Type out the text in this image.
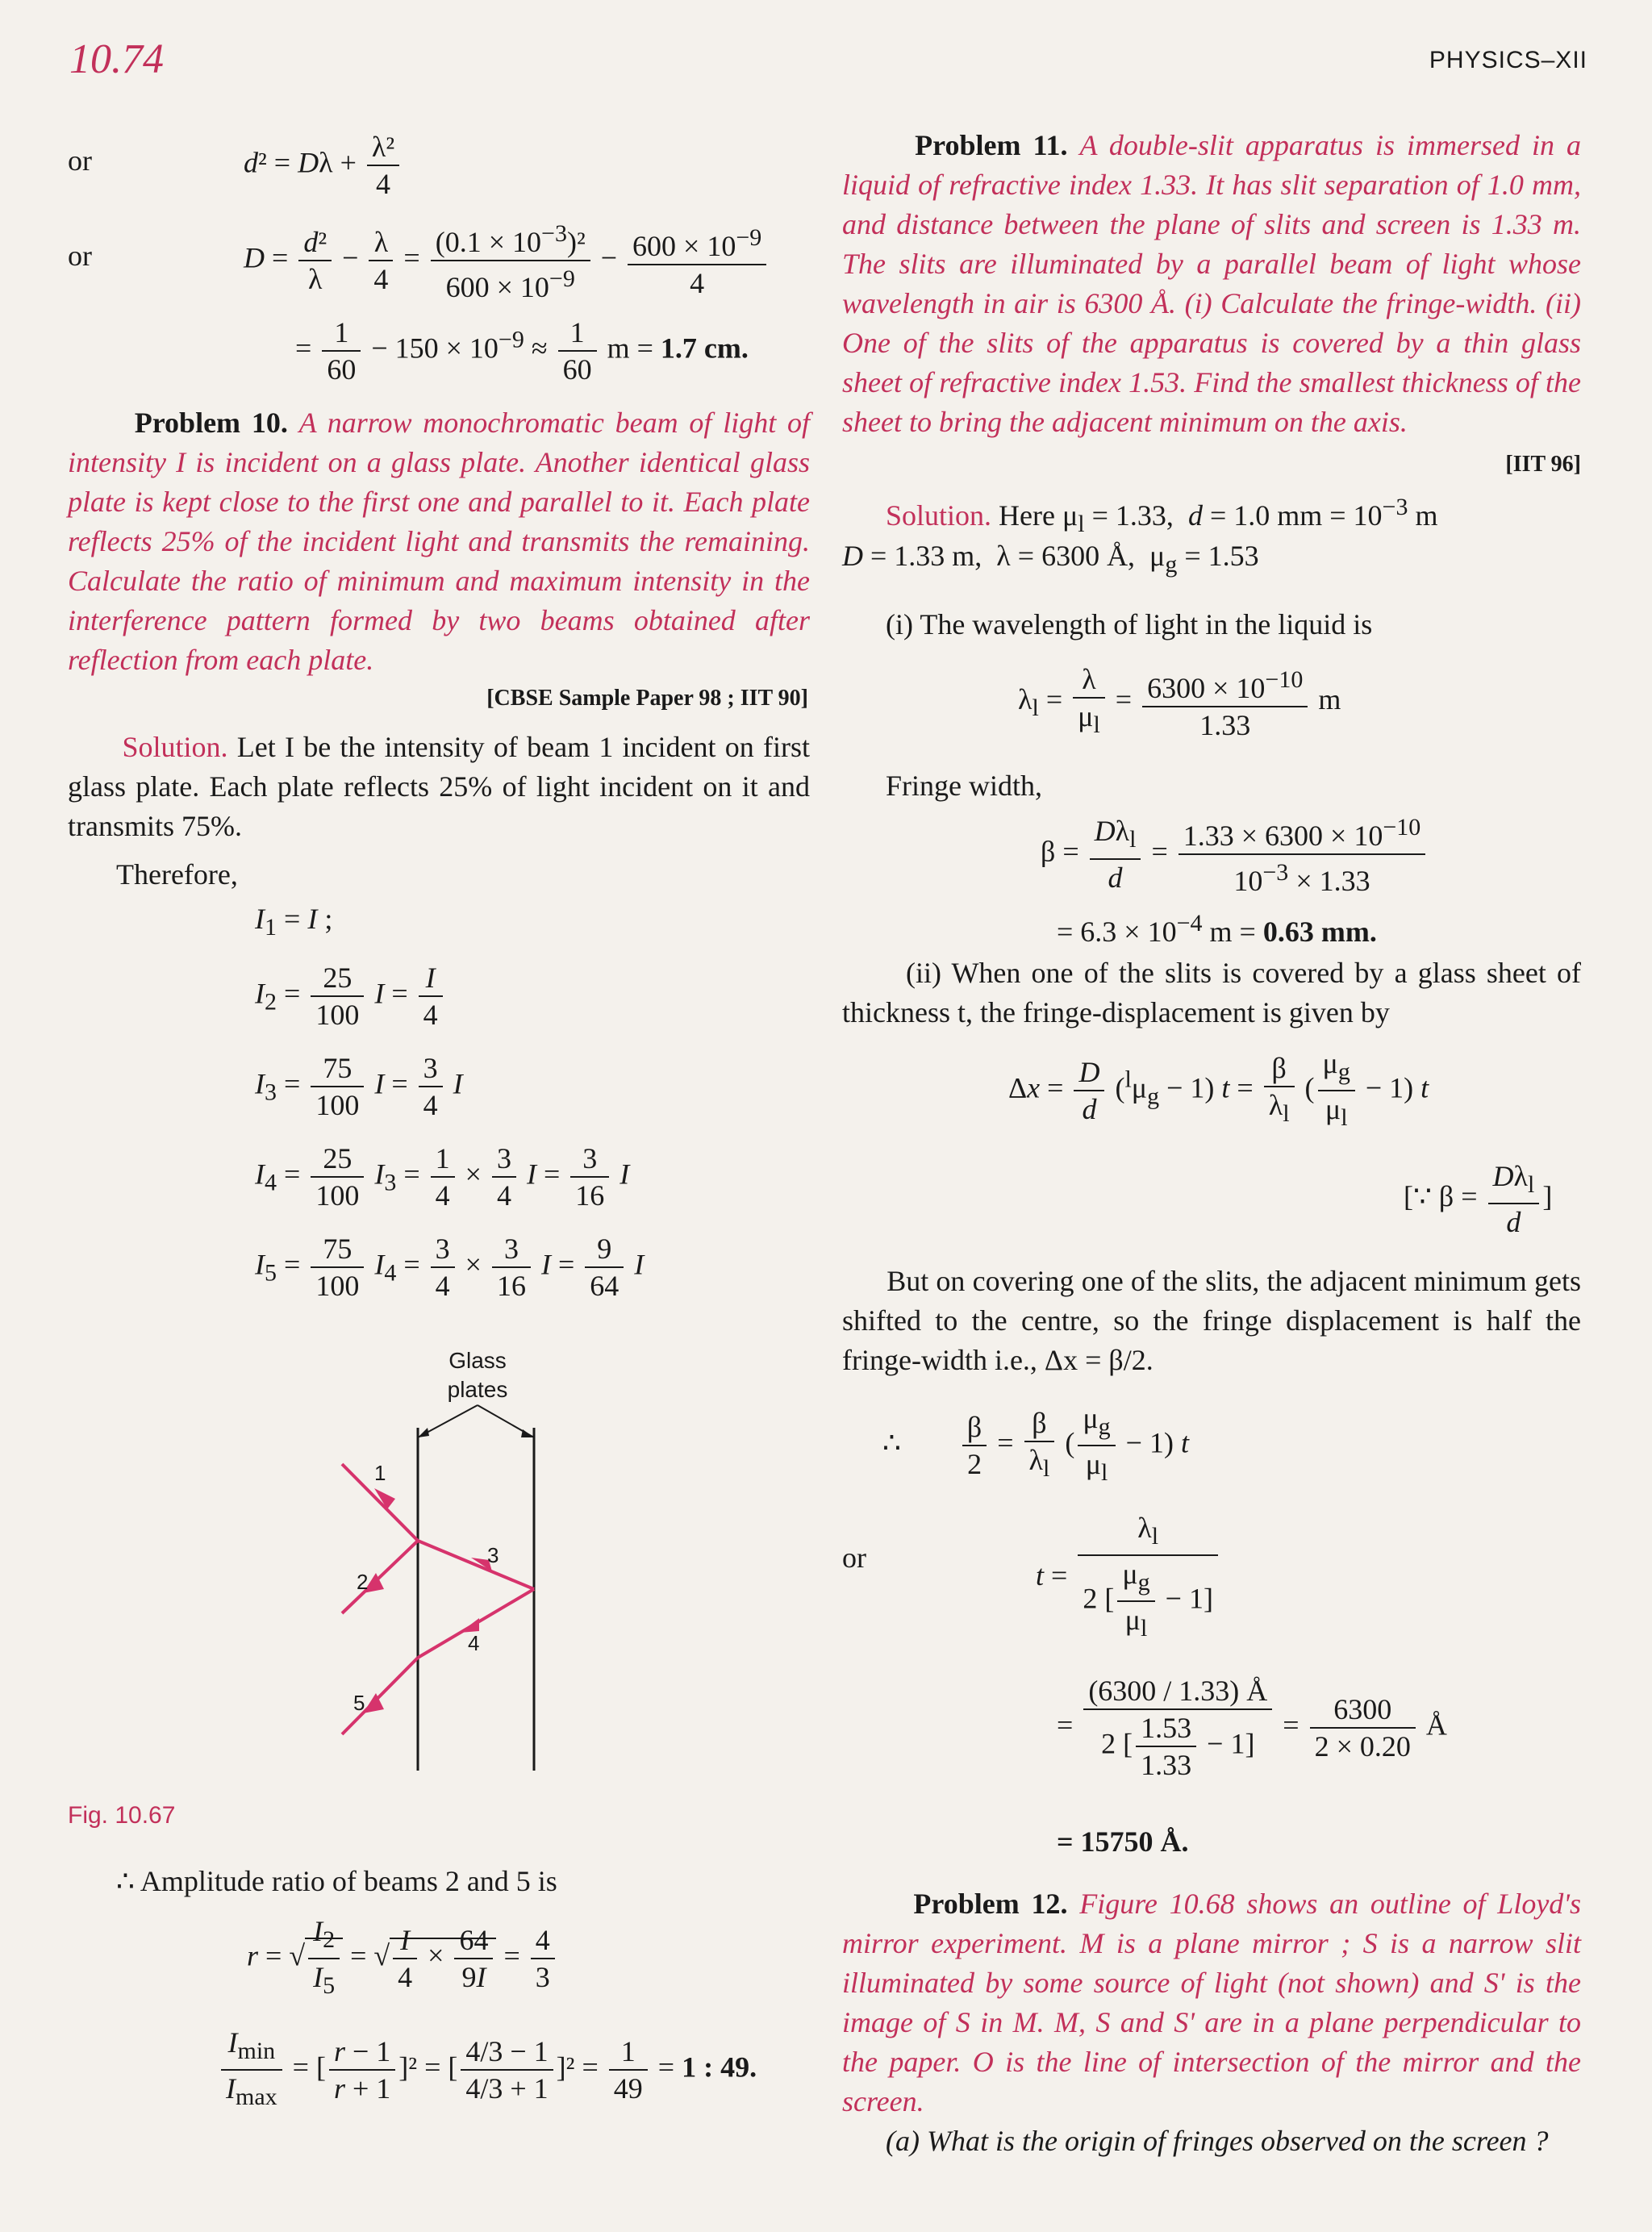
10.74	PHYSICS–XII
or	$d^2 = D\lambda + \frac{\text{λ²}}{4}$
or	$D = \frac{\text{d²}}{\lambda} - \frac{\lambda}{4} = \frac{(0.1 \times 10^{-3})^2}{600 \times 10^{-9}} - \frac{600 \times 10^{-9}}{4}$
= $\frac{1}{60} - 150 \times 10^{-9} \approx \frac{1}{60}$ m = 1.7 cm.
Problem 10. A narrow monochromatic beam of light of intensity I is incident on a glass plate. Another identical glass plate is kept close to the first one and parallel to it. Each plate reflects 25% of the incident light and transmits the remaining. Calculate the ratio of minimum and maximum intensity in the interference pattern formed by two beams obtained after reflection from each plate.
[CBSE Sample Paper 98 ; IIT 90]
Solution. Let I be the intensity of beam 1 incident on first glass plate. Each plate reflects 25% of light incident on it and transmits 75%.
Therefore,
$I_1 = I$ ;
$I_2 = \frac{25}{100}$ $I = \frac{I}{4}$
$I_3 = \frac{75}{100}$ $I = \frac{3}{4}$ I
$I_4 = \frac{25}{100} I_3 = \frac{1}{4} \times \frac{3}{4}$ $I = \frac{3}{16}$ I
$I_5 = \frac{75}{100} I_4 = \frac{3}{4} \times \frac{3}{16}$ $I = \frac{9}{64}$ I
Glass
plates
1
2
3
4
5
Fig. 10.67
∴ Amplitude ratio of beams 2 and 5 is
r = √ $\frac{I_2}{I_5}$ = √ $\frac{I}{4} \times \frac{64}{9I} = \frac{4}{3}$
$\frac{I_{min}}{I_{max}}$ = [ $\frac{r - 1}{r + 1} ]^2$ = [ $\frac{4/3 - 1}{4/3 + 1} ]^2 = \frac{1}{49} = 1$ : 49.
Problem 11. A double-slit apparatus is immersed in a liquid of refractive index 1.33. It has slit separation of 1.0 mm, and distance between the plane of slits and screen is 1.33 m. The slits are illuminated by a parallel beam of light whose wavelength in air is 6300 Å. (i) Calculate the fringe-width. (ii) One of the slits of the apparatus is covered by a thin glass sheet of refractive index 1.53. Find the smallest thickness of the sheet to bring the adjacent minimum on the axis.
[IIT 96]
Solution. Here $\mu_l = 1.33$,  d = 1.0 mm = $10^{-3}$ m
D = 1.33 m,  λ = 6300 Å,  $\mu_g = 1.53$
(i) The wavelength of light in the liquid is
$\lambda_l = \frac{\lambda}{\mu_l} = \frac{6300 \times 10^{-10}}{1.33}$ m
Fringe width,
$\beta = \frac{D\lambda_l}{d} = \frac{1.33 \times 6300 \times 10^{-10}}{10^{-3} \times 1.33}$
= $6.3 \times 10^{-4}$ m = 0.63 mm.
(ii) When one of the slits is covered by a glass sheet of thickness t, the fringe-displacement is given by
$\Delta x = \frac{D}{d} (^l\mu_g - 1) t = \frac{\beta}{\lambda_l}$ ( $\frac{\mu_g}{\mu_l} - 1$) t
[∵ $\beta = \frac{D\lambda_l}{d}$ ]
But on covering one of the slits, the adjacent minimum gets shifted to the centre, so the fringe displacement is half the fringe-width i.e., Δx = β/2.
∴ $\frac{\beta}{2} = \frac{\beta}{\lambda_l}$ ( $\frac{\mu_g}{\mu_l} - 1$) t
or
$t = \frac{\lambda_l}{2 [ \frac{\mu_g}{\mu_l} - 1]}$
= $\frac{(6300 / 1.33) Å}{2 [ \frac{1.53}{1.33} - 1]} = \frac{6300}{2 \times 0.20}$ Å
= 15750 Å.
Problem 12. Figure 10.68 shows an outline of Lloyd's mirror experiment. M is a plane mirror ; S is a narrow slit illuminated by some source of light (not shown) and S' is the image of S in M. M, S and S' are in a plane perpendicular to the paper. O is the line of intersection of the mirror and the screen.
(a) What is the origin of fringes observed on the screen ?
